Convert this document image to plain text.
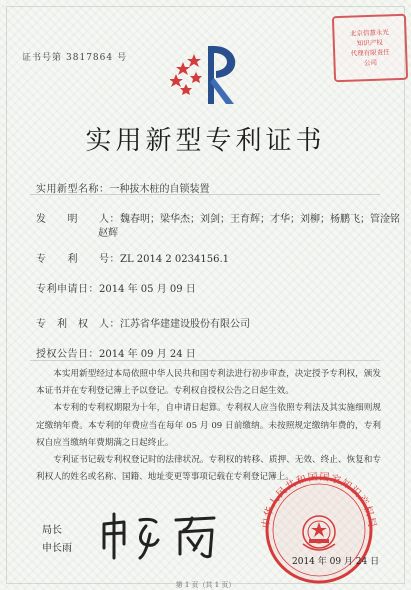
证书号第 3817864 号
北京信慧永光
知识产权
代理有限责任
公司
实用新型专利证书
实用新型名称：一种拔木桩的自锁装置
发　　明　　人：魏春明；梁华杰；刘剑；王育辉；才华；刘柳；杨鹏飞；管淦铭
赵辉
专　　利　　号：ZL 2014 2 0234156.1
专利申请日：2014 年 05 月 09 日
专　利　权　人：江苏省华建建设股份有限公司
授权公告日：2014 年 09 月 24 日

本实用新型经过本局依照中华人民共和国专利法进行初步审查，决定授予专利权，颁发本证书并在专利登记簿上予以登记。专利权自授权公告之日起生效。

本专利的专利权期限为十年，自申请日起算。专利权人应当依照专利法及其实施细则规定缴纳年费。本专利的年费应当在每年 05 月 09 日前缴纳。未按照规定缴纳年费的，专利权自应当缴纳年费期满之日起终止。

专利证书记载专利权登记时的法律状况。专利权的转移、质押、无效、终止、恢复和专利权人的姓名或名称、国籍、地址变更等事项记载在专利登记簿上。

中华人民共和国国家知识产权局
局长
申长雨
2014 年 09 月 24 日
第 1 页（共 1 页）
